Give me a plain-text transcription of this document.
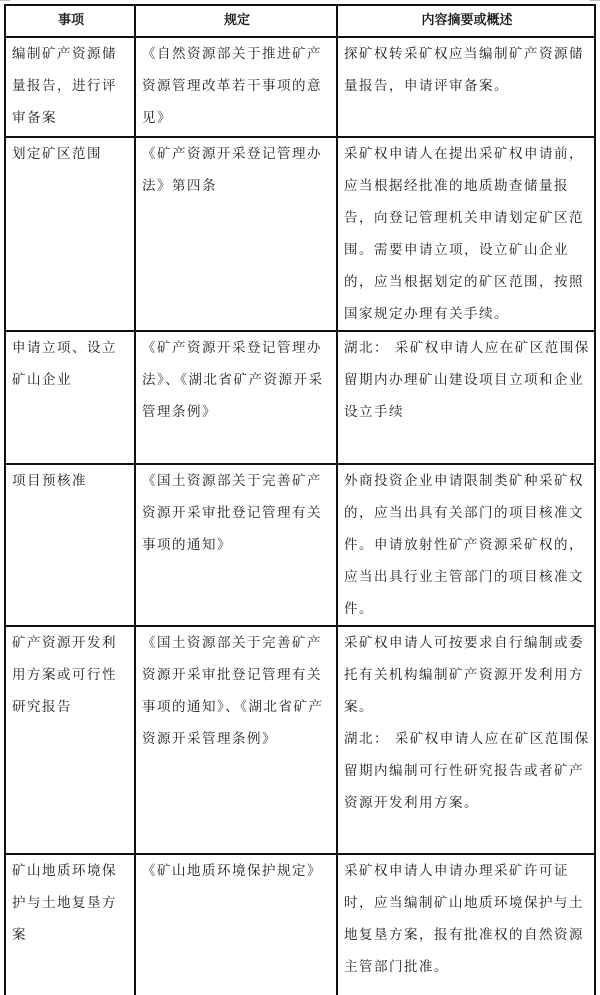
事项	规定	内容摘要或概述
编制矿产资源储量报告，进行评审备案	《自然资源部关于推进矿产资源管理改革若干事项的意见》	探矿权转采矿权应当编制矿产资源储量报告，申请评审备案。

划定矿区范围	《矿产资源开采登记管理办法》第四条	采矿权申请人在提出采矿权申请前，应当根据经批准的地质勘查储量报告，向登记管理机关申请划定矿区范围。需要申请立项，设立矿山企业的，应当根据划定的矿区范围，按照国家规定办理有关手续。

申请立项、设立矿山企业	《矿产资源开采登记管理办法》、《湖北省矿产资源开采管理条例》	湖北： 采矿权申请人应在矿区范围保留期内办理矿山建设项目立项和企业设立手续

项目预核准	《国土资源部关于完善矿产资源开采审批登记管理有关事项的通知》	外商投资企业申请限制类矿种采矿权的，应当出具有关部门的项目核准文件。申请放射性矿产资源采矿权的，应当出具行业主管部门的项目核准文件。

矿产资源开发利用方案或可行性研究报告	《国土资源部关于完善矿产资源开采审批登记管理有关事项的通知》、《湖北省矿产资源开采管理条例》	采矿权申请人可按要求自行编制或委托有关机构编制矿产资源开发利用方案。
湖北： 采矿权申请人应在矿区范围保留期内编制可行性研究报告或者矿产资源开发利用方案。

矿山地质环境保护与土地复垦方案	《矿山地质环境保护规定》	采矿权申请人申请办理采矿许可证时，应当编制矿山地质环境保护与土地复垦方案，报有批准权的自然资源主管部门批准。
